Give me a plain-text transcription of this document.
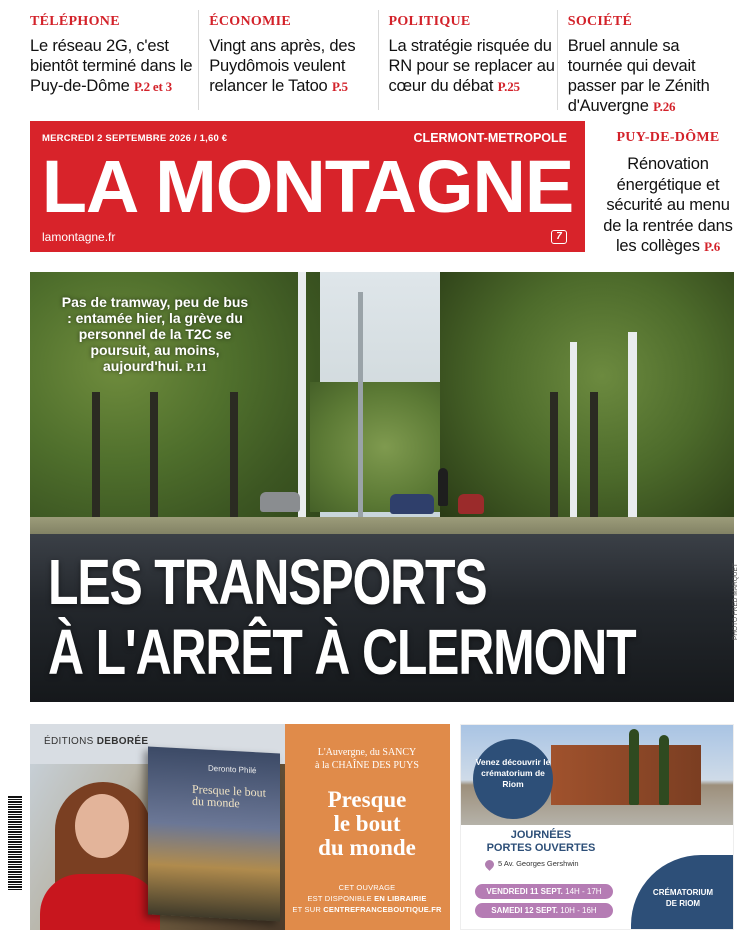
TÉLÉPHONE
Le réseau 2G, c'est bientôt terminé dans le Puy-de-Dôme P.2 et 3
ÉCONOMIE
Vingt ans après, des Puydômois veulent relancer le Tatoo P.5
POLITIQUE
La stratégie risquée du RN pour se replacer au cœur du débat P.25
SOCIÉTÉ
Bruel annule sa tournée qui devait passer par le Zénith d'Auvergne P.26
MERCREDI 2 SEPTEMBRE 2026 / 1,60 €	CLERMONT-METROPOLE
LA MONTAGNE
lamontagne.fr	7
PUY-DE-DÔME
Rénovation énergétique et sécurité au menu de la rentrée dans les collèges P.6
Pas de tramway, peu de bus : entamée hier, la grève du personnel de la T2C se poursuit, au moins, aujourd'hui. P.11
LES TRANSPORTS
À L'ARRÊT À CLERMONT
PHOTO FRED MARQUET
ÉDITIONS DEBORÉE
Deronto Philé
Presque le bout du monde
L'Auvergne, du SANCY
à la CHAÎNE DES PUYS
Presque
le bout
du monde
CET OUVRAGE
EST DISPONIBLE EN LIBRAIRIE
ET SUR CENTREFRANCEBOUTIQUE.FR
Venez découvrir le crématorium de Riom
JOURNÉES
PORTES OUVERTES
5 Av. Georges Gershwin
VENDREDI 11 SEPT. 14H - 17H
SAMEDI 12 SEPT. 10H - 16H
CRÉMATORIUM
DE RIOM
